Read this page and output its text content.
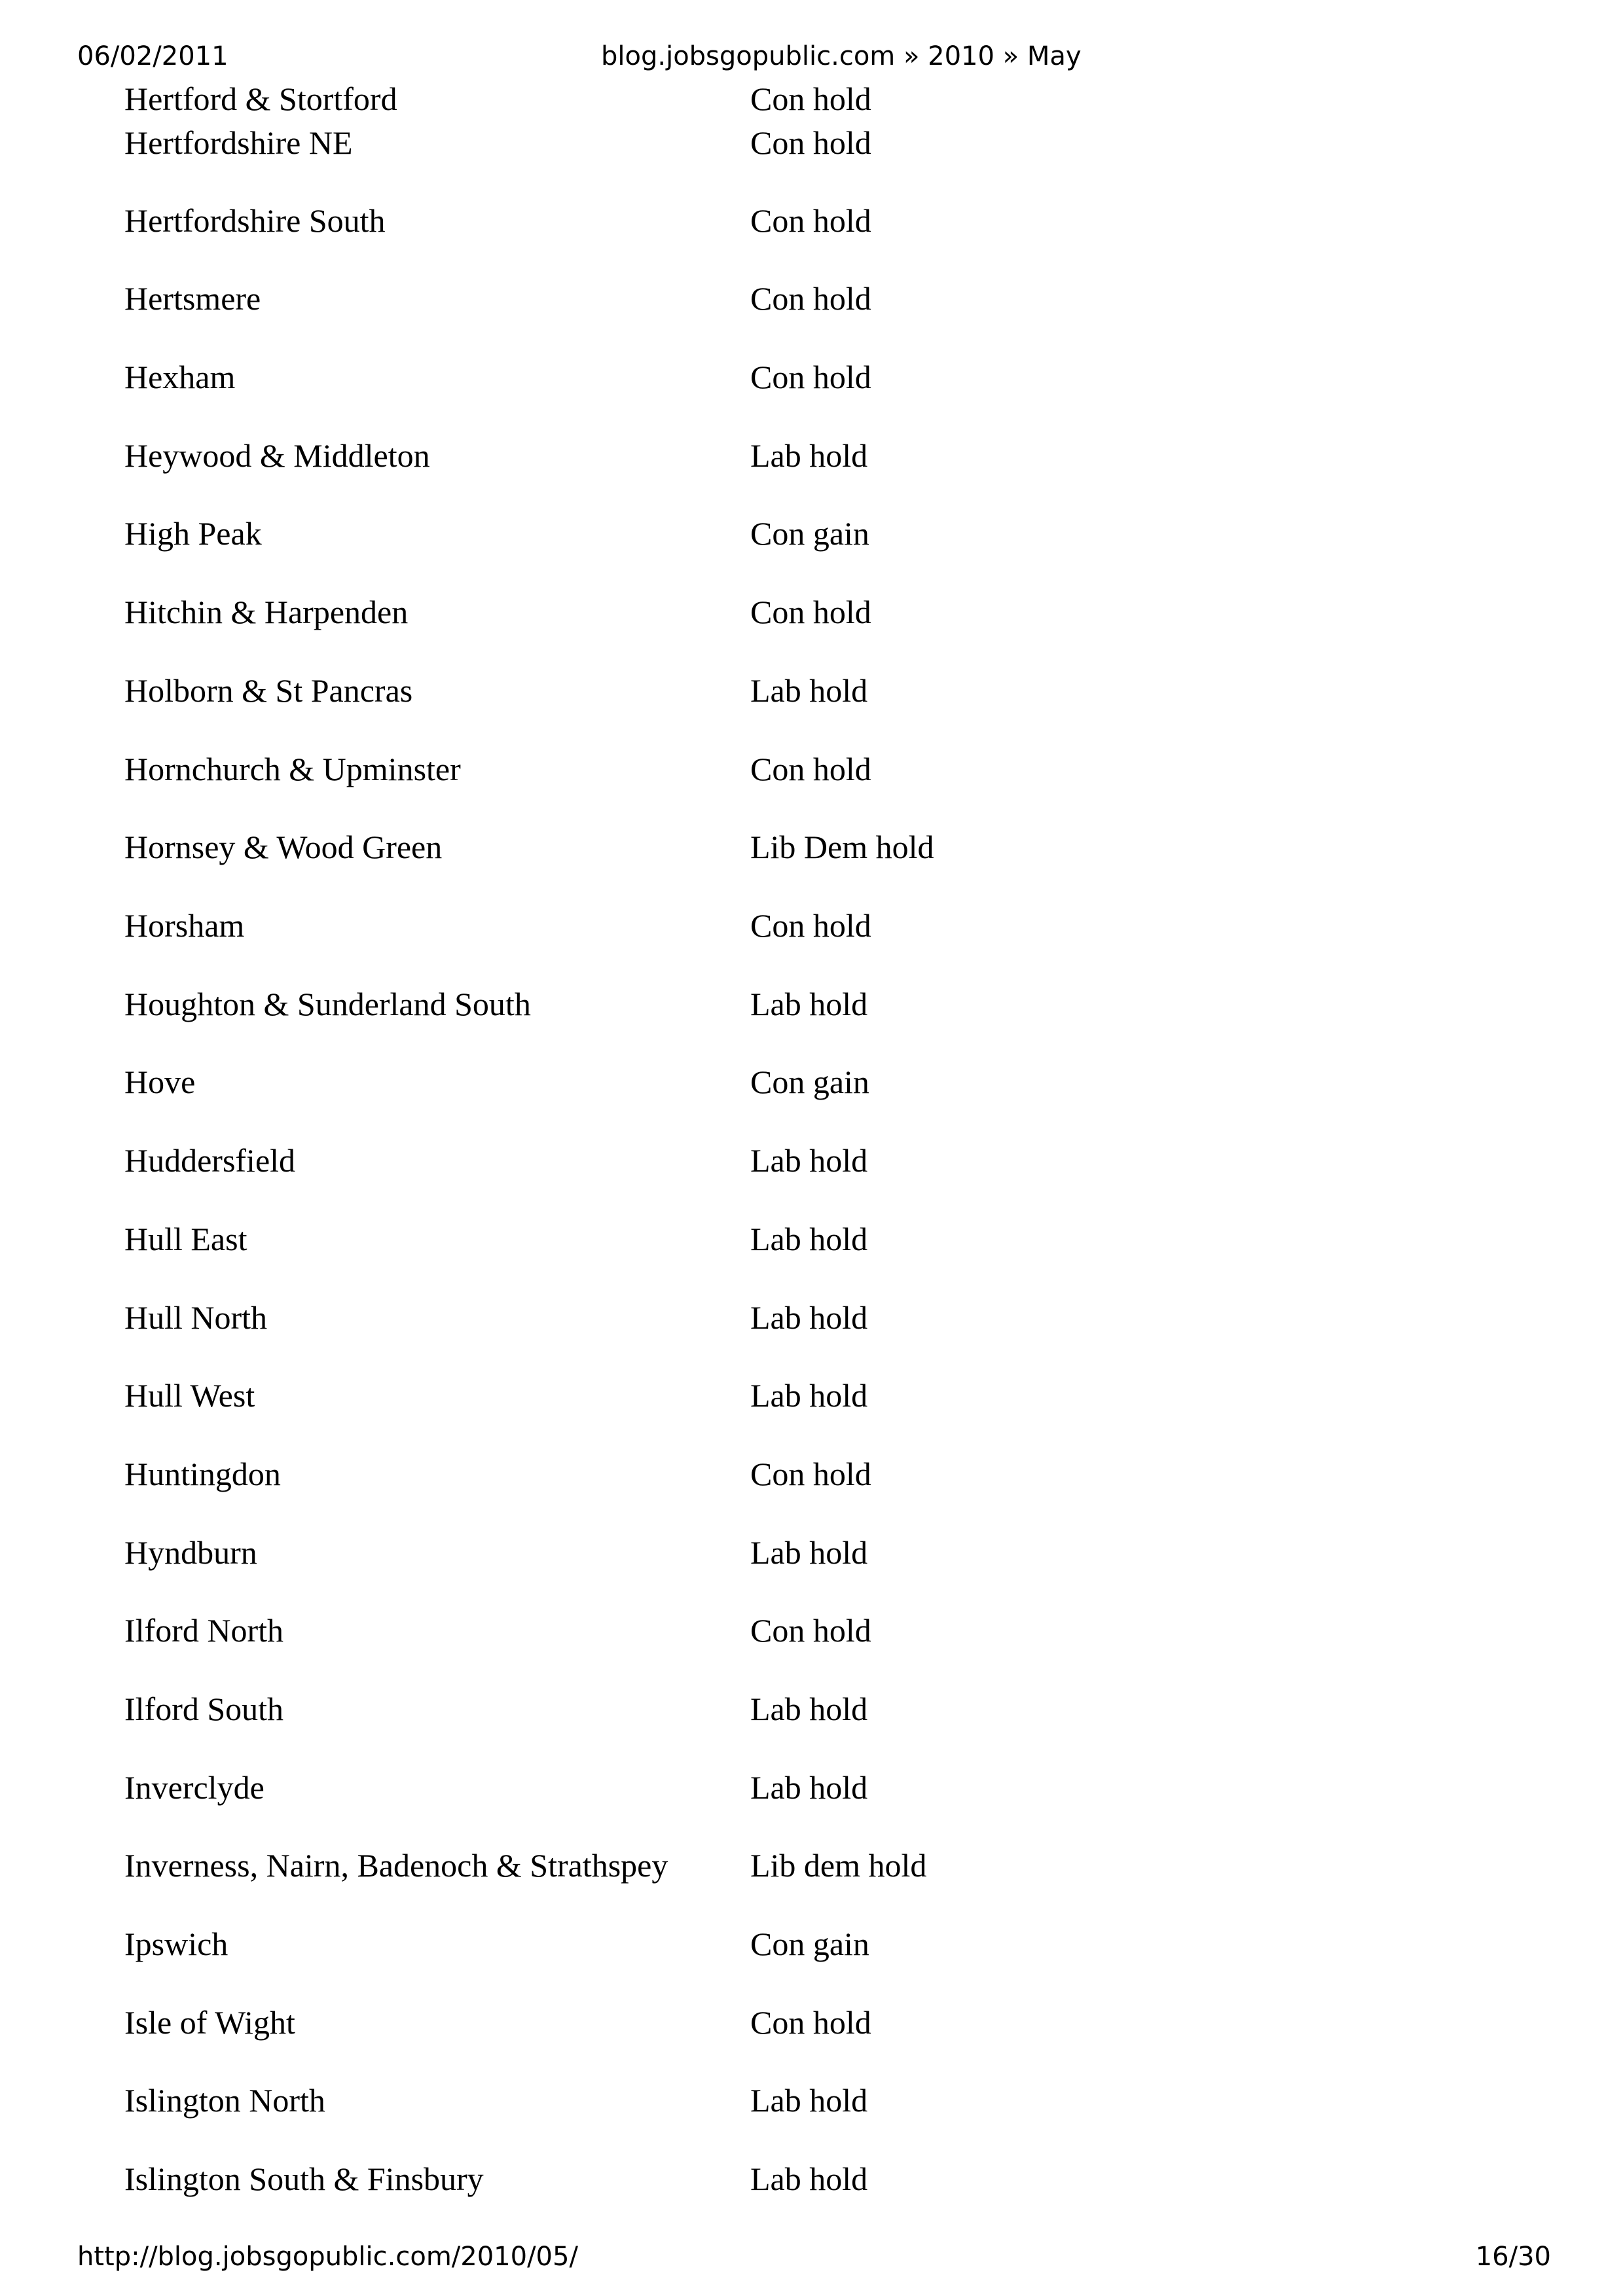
06/02/2011	blog.jobsgopublic.com » 2010 » May
Hertford & Stortford	Con hold
Hertfordshire NE	Con hold
Hertfordshire South	Con hold
Hertsmere	Con hold
Hexham	Con hold
Heywood & Middleton	Lab hold
High Peak	Con gain
Hitchin & Harpenden	Con hold
Holborn & St Pancras	Lab hold
Hornchurch & Upminster	Con hold
Hornsey & Wood Green	Lib Dem hold
Horsham	Con hold
Houghton & Sunderland South	Lab hold
Hove	Con gain
Huddersfield	Lab hold
Hull East	Lab hold
Hull North	Lab hold
Hull West	Lab hold
Huntingdon	Con hold
Hyndburn	Lab hold
Ilford North	Con hold
Ilford South	Lab hold
Inverclyde	Lab hold
Inverness, Nairn, Badenoch & Strathspey	Lib dem hold
Ipswich	Con gain
Isle of Wight	Con hold
Islington North	Lab hold
Islington South & Finsbury	Lab hold
http://blog.jobsgopublic.com/2010/05/	16/30
